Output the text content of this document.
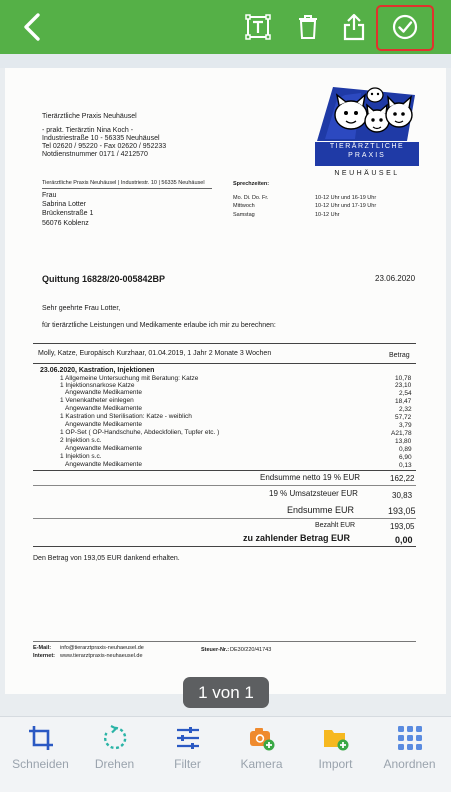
Tierärztliche Praxis Neuhäusel
- prakt. Tierärztin Nina Koch -
Industriestraße 10 - 56335 Neuhäusel
Tel 02620 / 95220 - Fax 02620 / 952233
Notdienstnummer 0171 / 4212570
TIERÄRZTLICHE
PRAXIS
NEUHÄUSEL
Tierärztliche Praxis Neuhäusel | Industriestr. 10 | 56335 Neuhäusel	Sprechzeiten:
Mo. Di. Do. Fr.	10-12 Uhr und 16-19 Uhr
Mittwoch	10-12 Uhr und 17-19 Uhr
Samstag	10-12 Uhr
Frau
Sabrina Lotter
Brückenstraße 1
56076 Koblenz
Quittung 16828/20-005842BP	23.06.2020
Sehr geehrte Frau Lotter,
für tierärztliche Leistungen und Medikamente erlaube ich mir zu berechnen:
Molly, Katze, Europäisch Kurzhaar, 01.04.2019, 1 Jahr 2 Monate 3 Wochen	Betrag
23.06.2020, Kastration, Injektionen
1 Allgemeine Untersuchung mit Beratung: Katze	10,78
1 Injektionsnarkose Katze	23,10
Angewandte Medikamente	2,54
1 Venenkatheter einlegen	18,47
Angewandte Medikamente	2,32
1 Kastration und Sterilisation: Katze - weiblich	57,72
Angewandte Medikamente	3,79
1 OP-Set ( OP-Handschuhe, Abdeckfolien, Tupfer etc. )	A21,78
2 Injektion s.c.	13,80
Angewandte Medikamente	0,89
1 Injektion s.c.	6,90
Angewandte Medikamente	0,13
Endsumme netto 19 % EUR	162,22
19 % Umsatzsteuer EUR	30,83
Endsumme EUR	193,05
Bezahlt EUR	193,05
zu zahlender Betrag EUR	0,00
Den Betrag von 193,05 EUR dankend erhalten.
E-Mail: info@tierarztpraxis-neuhaeusel.de
Internet: www.tierarztpraxis-neuhaeusel.de
Steuer-Nr.: DE30/220/41743
1 von 1
Schneiden	Drehen	Filter	Kamera	Import	Anordnen
